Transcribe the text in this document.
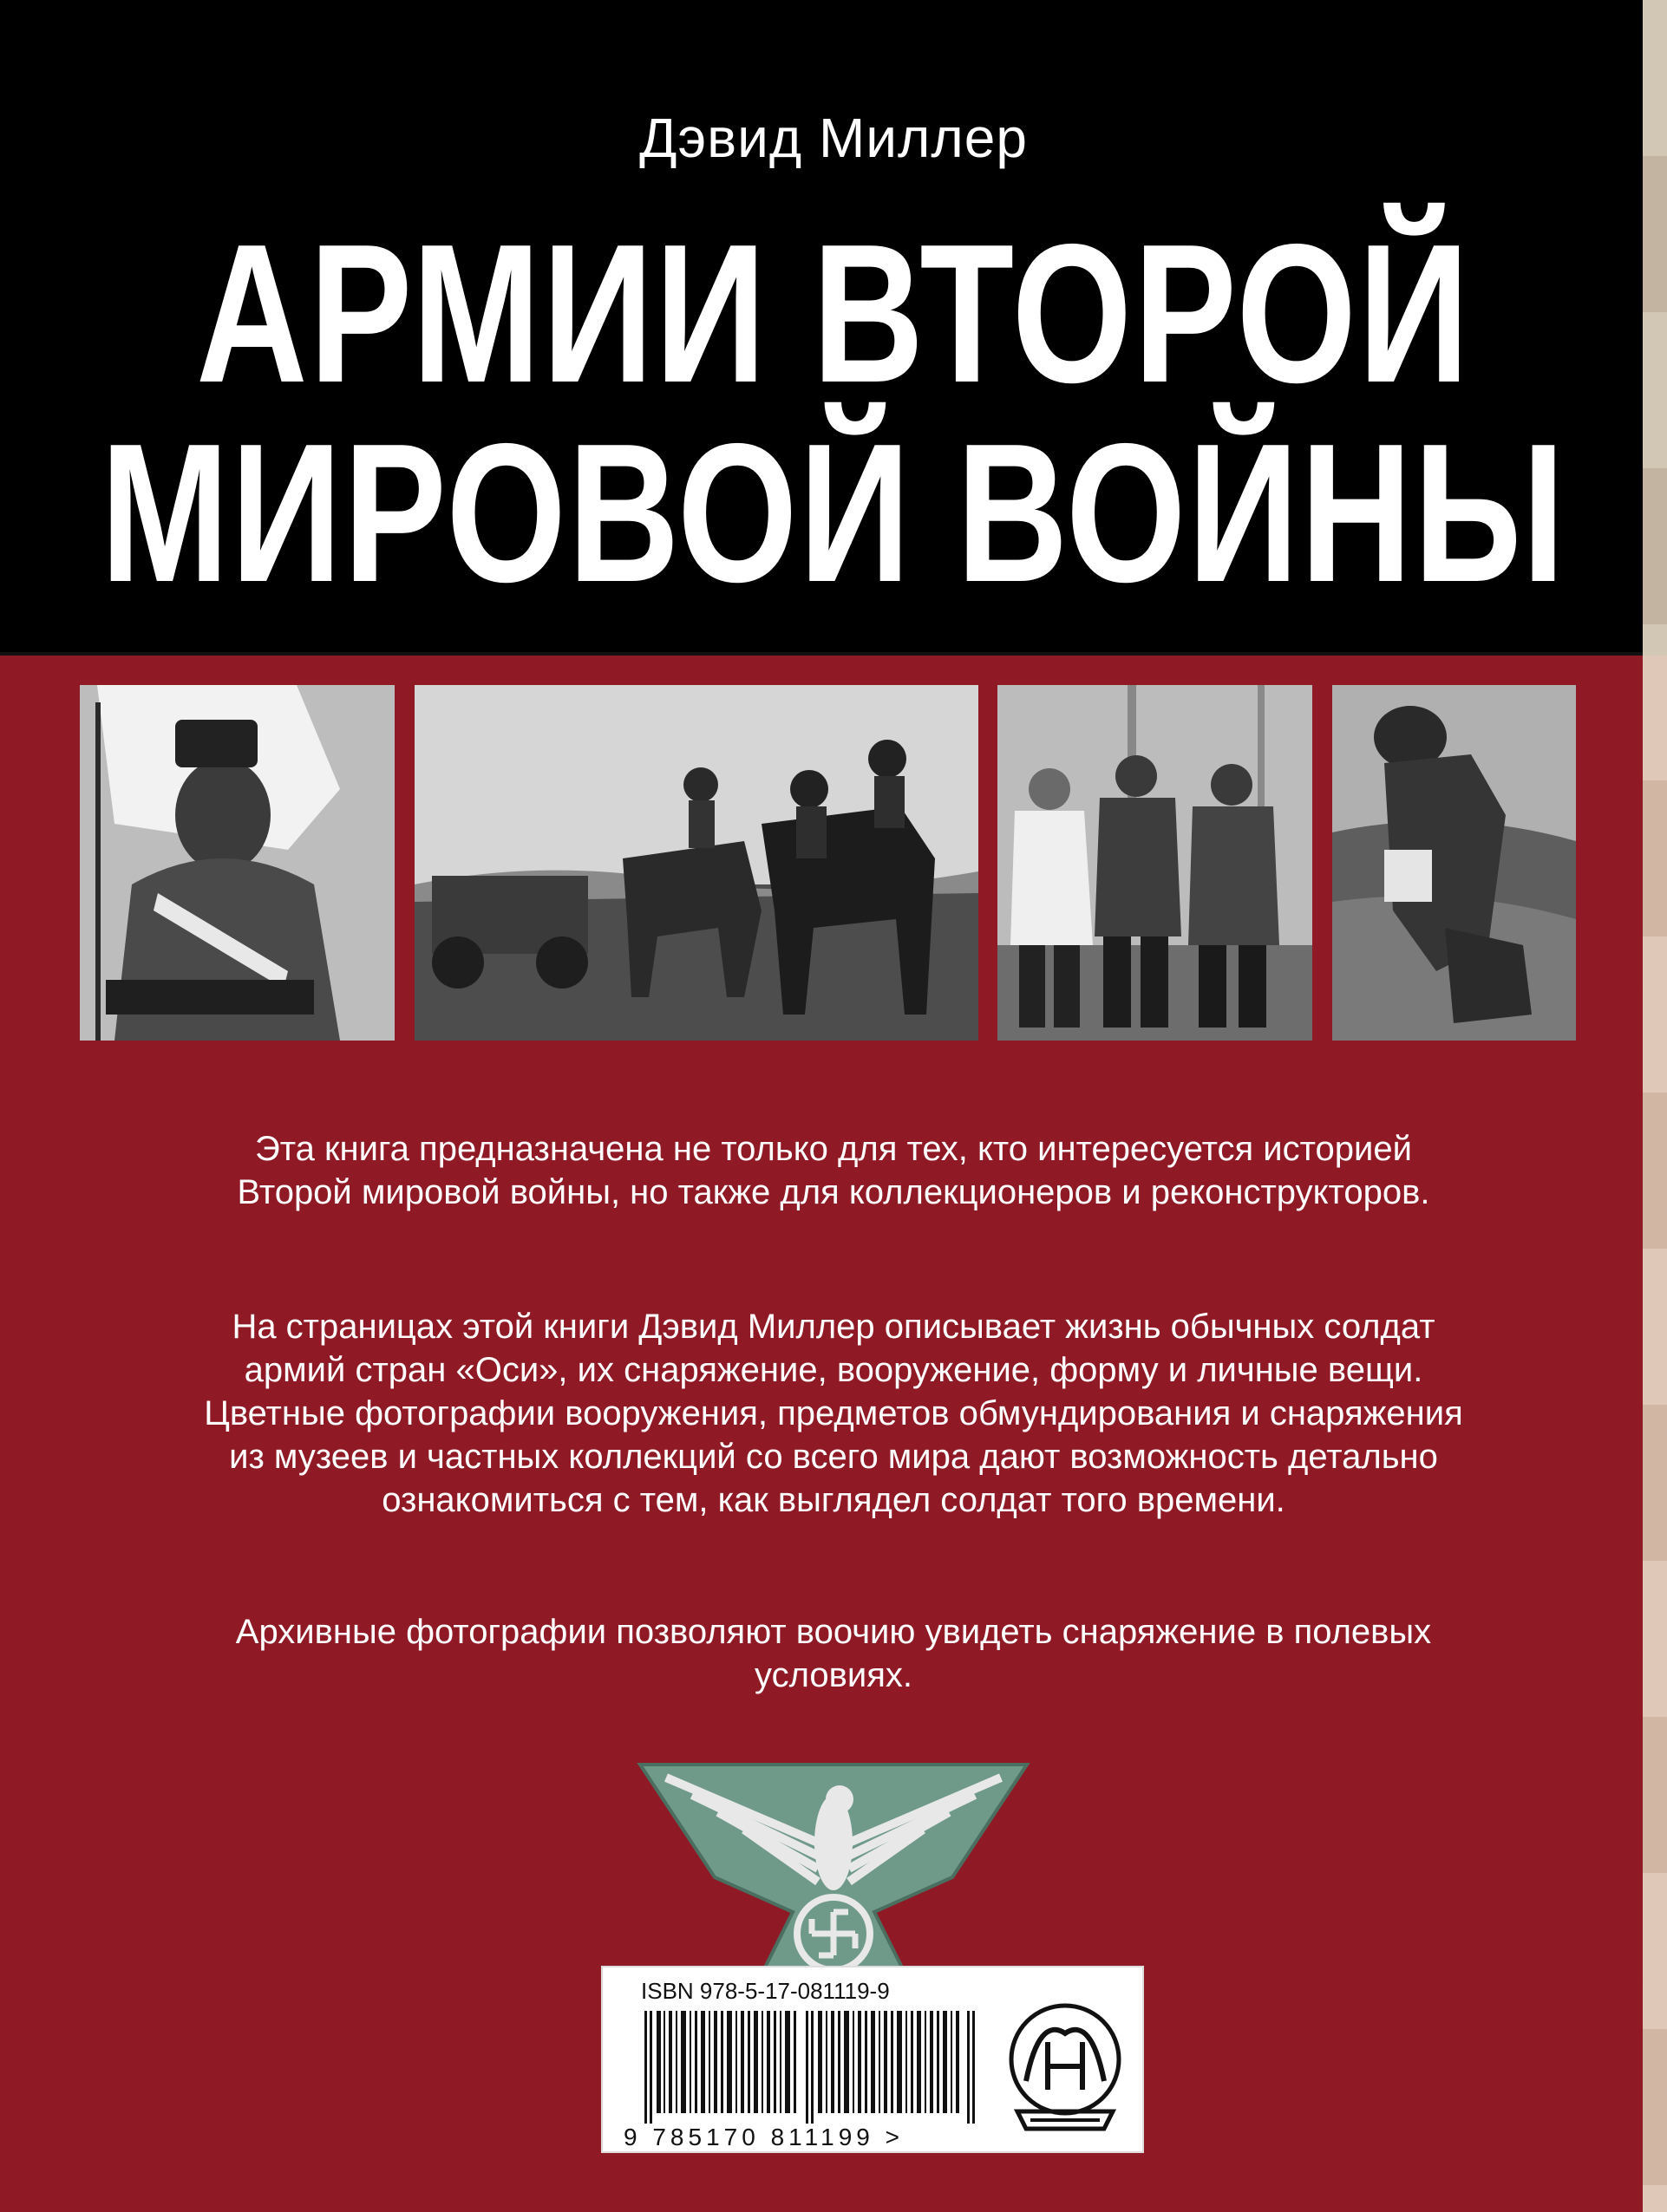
Дэвид Миллер
АРМИИ ВТОРОЙ
МИРОВОЙ ВОЙНЫ
Эта книга предназначена не только для тех, кто интересуется историей Второй мировой войны, но также для коллекционеров и реконструкторов.
На страницах этой книги Дэвид Миллер описывает жизнь обычных солдат армий стран «Оси», их снаряжение, вооружение, форму и личные вещи. Цветные фотографии вооружения, предметов обмундирования и снаряжения из музеев и частных коллекций со всего мира дают возможность детально ознакомиться с тем, как выглядел солдат того времени.
Архивные фотографии позволяют воочию увидеть снаряжение в полевых условиях.
ISBN 978-5-17-081119-9
9 785170 811199 >
